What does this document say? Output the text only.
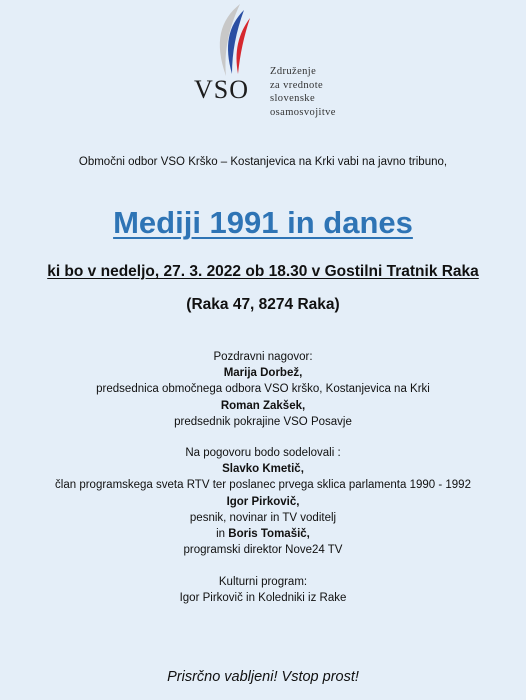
VSO
Združenje
za vrednote
slovenske
osamosvojitve
Območni odbor VSO Krško – Kostanjevica na Krki vabi na javno tribuno,
Mediji 1991 in danes
ki bo v nedeljo, 27. 3. 2022 ob 18.30 v Gostilni Tratnik Raka
(Raka 47, 8274 Raka)
Pozdravni nagovor:
Marija Dorbež,
predsednica območnega odbora VSO krško, Kostanjevica na Krki
Roman Zakšek,
predsednik pokrajine VSO Posavje
Na pogovoru bodo sodelovali :
Slavko Kmetič,
član programskega sveta RTV ter poslanec prvega sklica parlamenta 1990 - 1992
Igor Pirkovič,
pesnik, novinar in TV voditelj
in Boris Tomašič,
programski direktor Nove24 TV
Kulturni program:
Igor Pirkovič in Koledniki iz Rake
Prisrčno vabljeni! Vstop prost!
